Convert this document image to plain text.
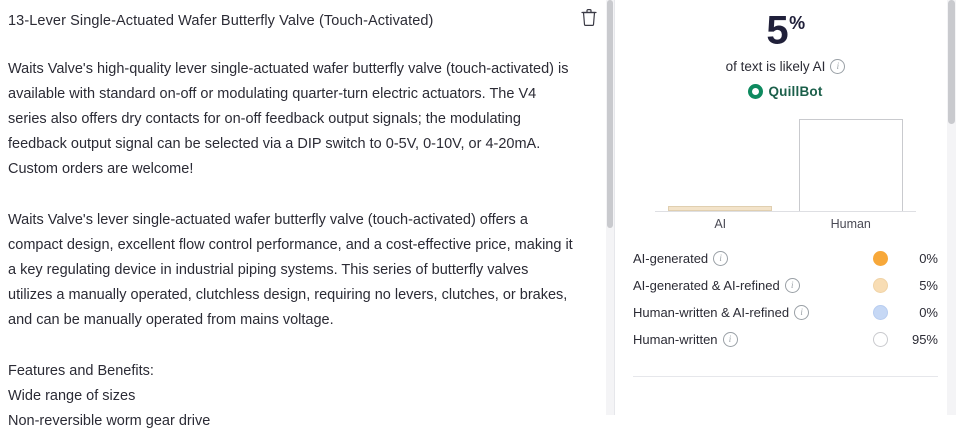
13-Lever Single-Actuated Wafer Butterfly Valve (Touch-Activated)

Waits Valve's high-quality lever single-actuated wafer butterfly valve (touch-activated) is available with standard on-off or modulating quarter-turn electric actuators. The V4 series also offers dry contacts for on-off feedback output signals; the modulating feedback output signal can be selected via a DIP switch to 0-5V, 0-10V, or 4-20mA. Custom orders are welcome!

Waits Valve's lever single-actuated wafer butterfly valve (touch-activated) offers a compact design, excellent flow control performance, and a cost-effective price, making it a key regulating device in industrial piping systems. This series of butterfly valves utilizes a manually operated, clutchless design, requiring no levers, clutches, or brakes, and can be manually operated from mains voltage.

Features and Benefits:
Wide range of sizes
Non-reversible worm gear drive
5%
of text is likely AI	i
QuillBot
AI	Human
AI-generated	i	0%
AI-generated & AI-refined	i	5%
Human-written & AI-refined	i	0%
Human-written	i	95%
